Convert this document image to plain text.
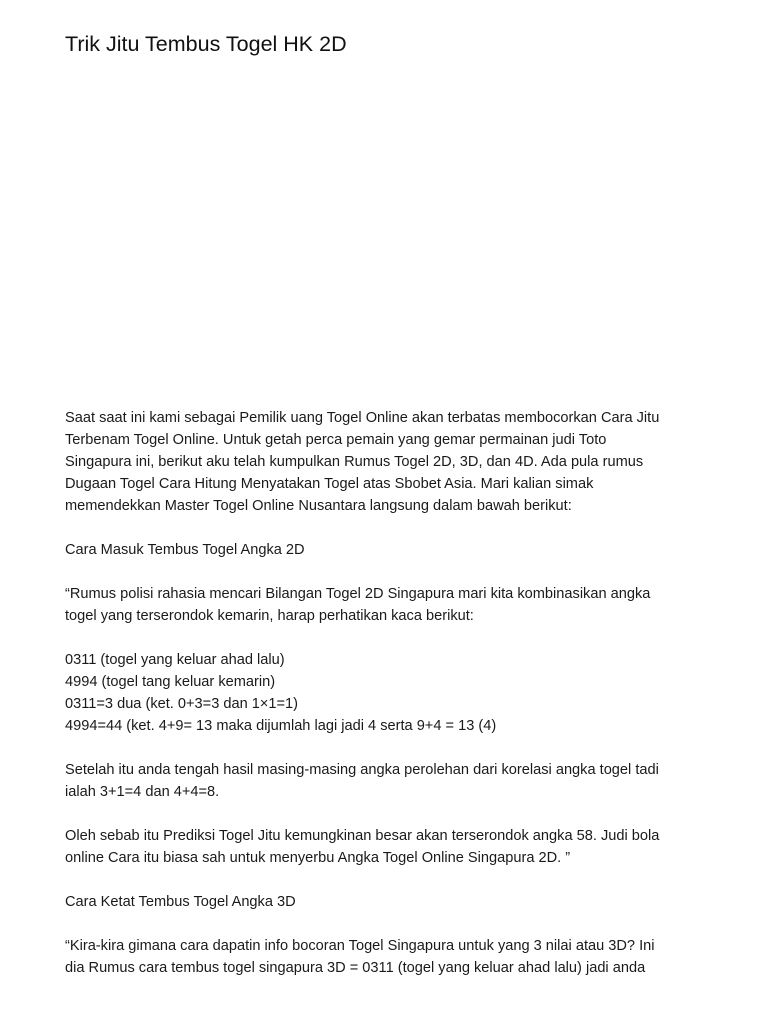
Trik Jitu Tembus Togel HK 2D

Saat saat ini kami sebagai Pemilik uang Togel Online akan terbatas membocorkan Cara Jitu
Terbenam Togel Online. Untuk getah perca pemain yang gemar permainan judi Toto
Singapura ini, berikut aku telah kumpulkan Rumus Togel 2D, 3D, dan 4D. Ada pula rumus
Dugaan Togel Cara Hitung Menyatakan Togel atas Sbobet Asia. Mari kalian simak
memendekkan Master Togel Online Nusantara langsung dalam bawah berikut:

Cara Masuk Tembus Togel Angka 2D

“Rumus polisi rahasia mencari Bilangan Togel 2D Singapura mari kita kombinasikan angka
togel yang terserondok kemarin, harap perhatikan kaca berikut:

0311 (togel yang keluar ahad lalu)
4994 (togel tang keluar kemarin)
0311=3 dua (ket. 0+3=3 dan 1×1=1)
4994=44 (ket. 4+9= 13 maka dijumlah lagi jadi 4 serta 9+4 = 13 (4)

Setelah itu anda tengah hasil masing-masing angka perolehan dari korelasi angka togel tadi
ialah 3+1=4 dan 4+4=8.

Oleh sebab itu Prediksi Togel Jitu kemungkinan besar akan terserondok angka 58. Judi bola
online Cara itu biasa sah untuk menyerbu Angka Togel Online Singapura 2D. ”

Cara Ketat Tembus Togel Angka 3D

“Kira-kira gimana cara dapatin info bocoran Togel Singapura untuk yang 3 nilai atau 3D? Ini
dia Rumus cara tembus togel singapura 3D = 0311 (togel yang keluar ahad lalu) jadi anda
